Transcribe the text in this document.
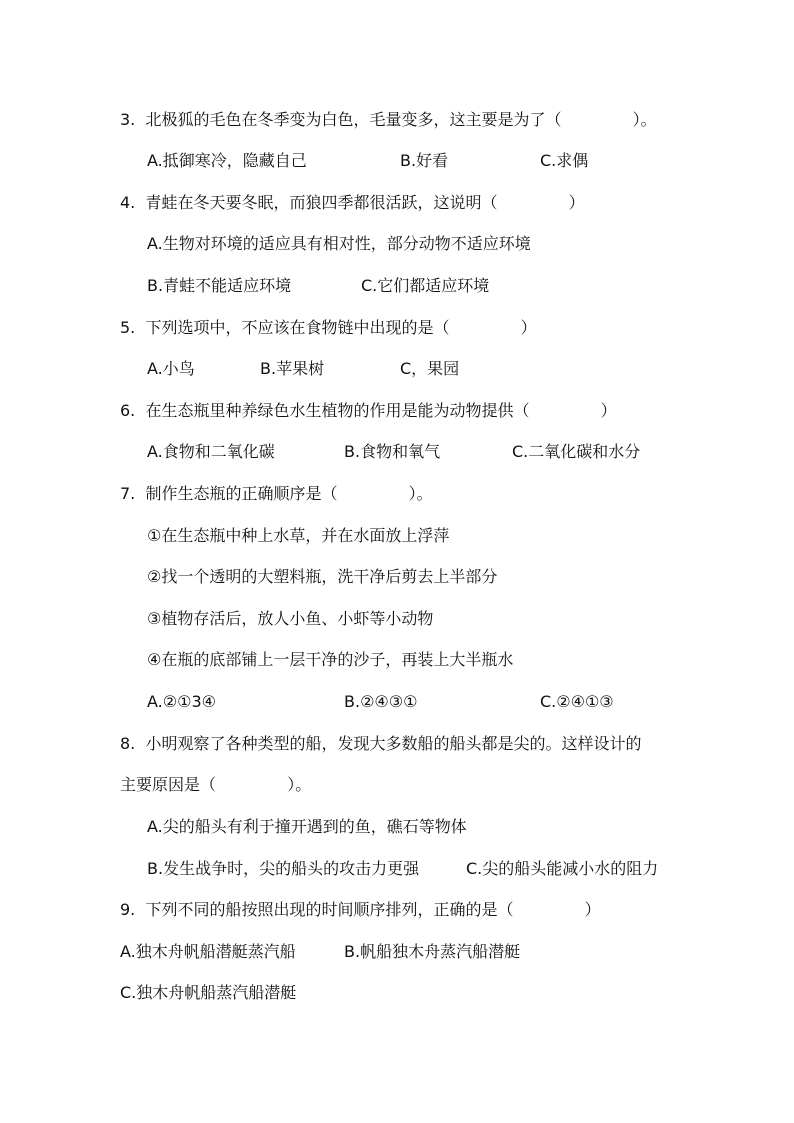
3.  北极狐的毛色在冬季变为白色，毛量变多，这主要是为了（              ）。
A.抵御寒冷，隐藏自己	B.好看	C.求偶
4.  青蛙在冬天要冬眠，而狼四季都很活跃，这说明（              ）
A.生物对环境的适应具有相对性，部分动物不适应环境
B.青蛙不能适应环境	C.它们都适应环境
5.  下列选项中，不应该在食物链中出现的是（              ）
A.小鸟	B.苹果树	C，果园
6.  在生态瓶里种养绿色水生植物的作用是能为动物提供（              ）
A.食物和二氧化碳	B.食物和氧气	C.二氧化碳和水分
7.  制作生态瓶的正确顺序是（              ）。
①在生态瓶中种上水草，并在水面放上浮萍
②找一个透明的大塑料瓶，洗干净后剪去上半部分
③植物存活后，放人小鱼、小虾等小动物
④在瓶的底部铺上一层干净的沙子，再装上大半瓶水
A.②①3④	B.②④③①	C.②④①③
8.  小明观察了各种类型的船，发现大多数船的船头都是尖的。这样设计的
主要原因是（              ）。
A.尖的船头有利于撞开遇到的鱼，礁石等物体
B.发生战争时，尖的船头的攻击力更强	C.尖的船头能减小水的阻力
9.  下列不同的船按照出现的时间顺序排列，正确的是（              ）
A.独木舟帆船潜艇蒸汽船	B.帆船独木舟蒸汽船潜艇
C.独木舟帆船蒸汽船潜艇
